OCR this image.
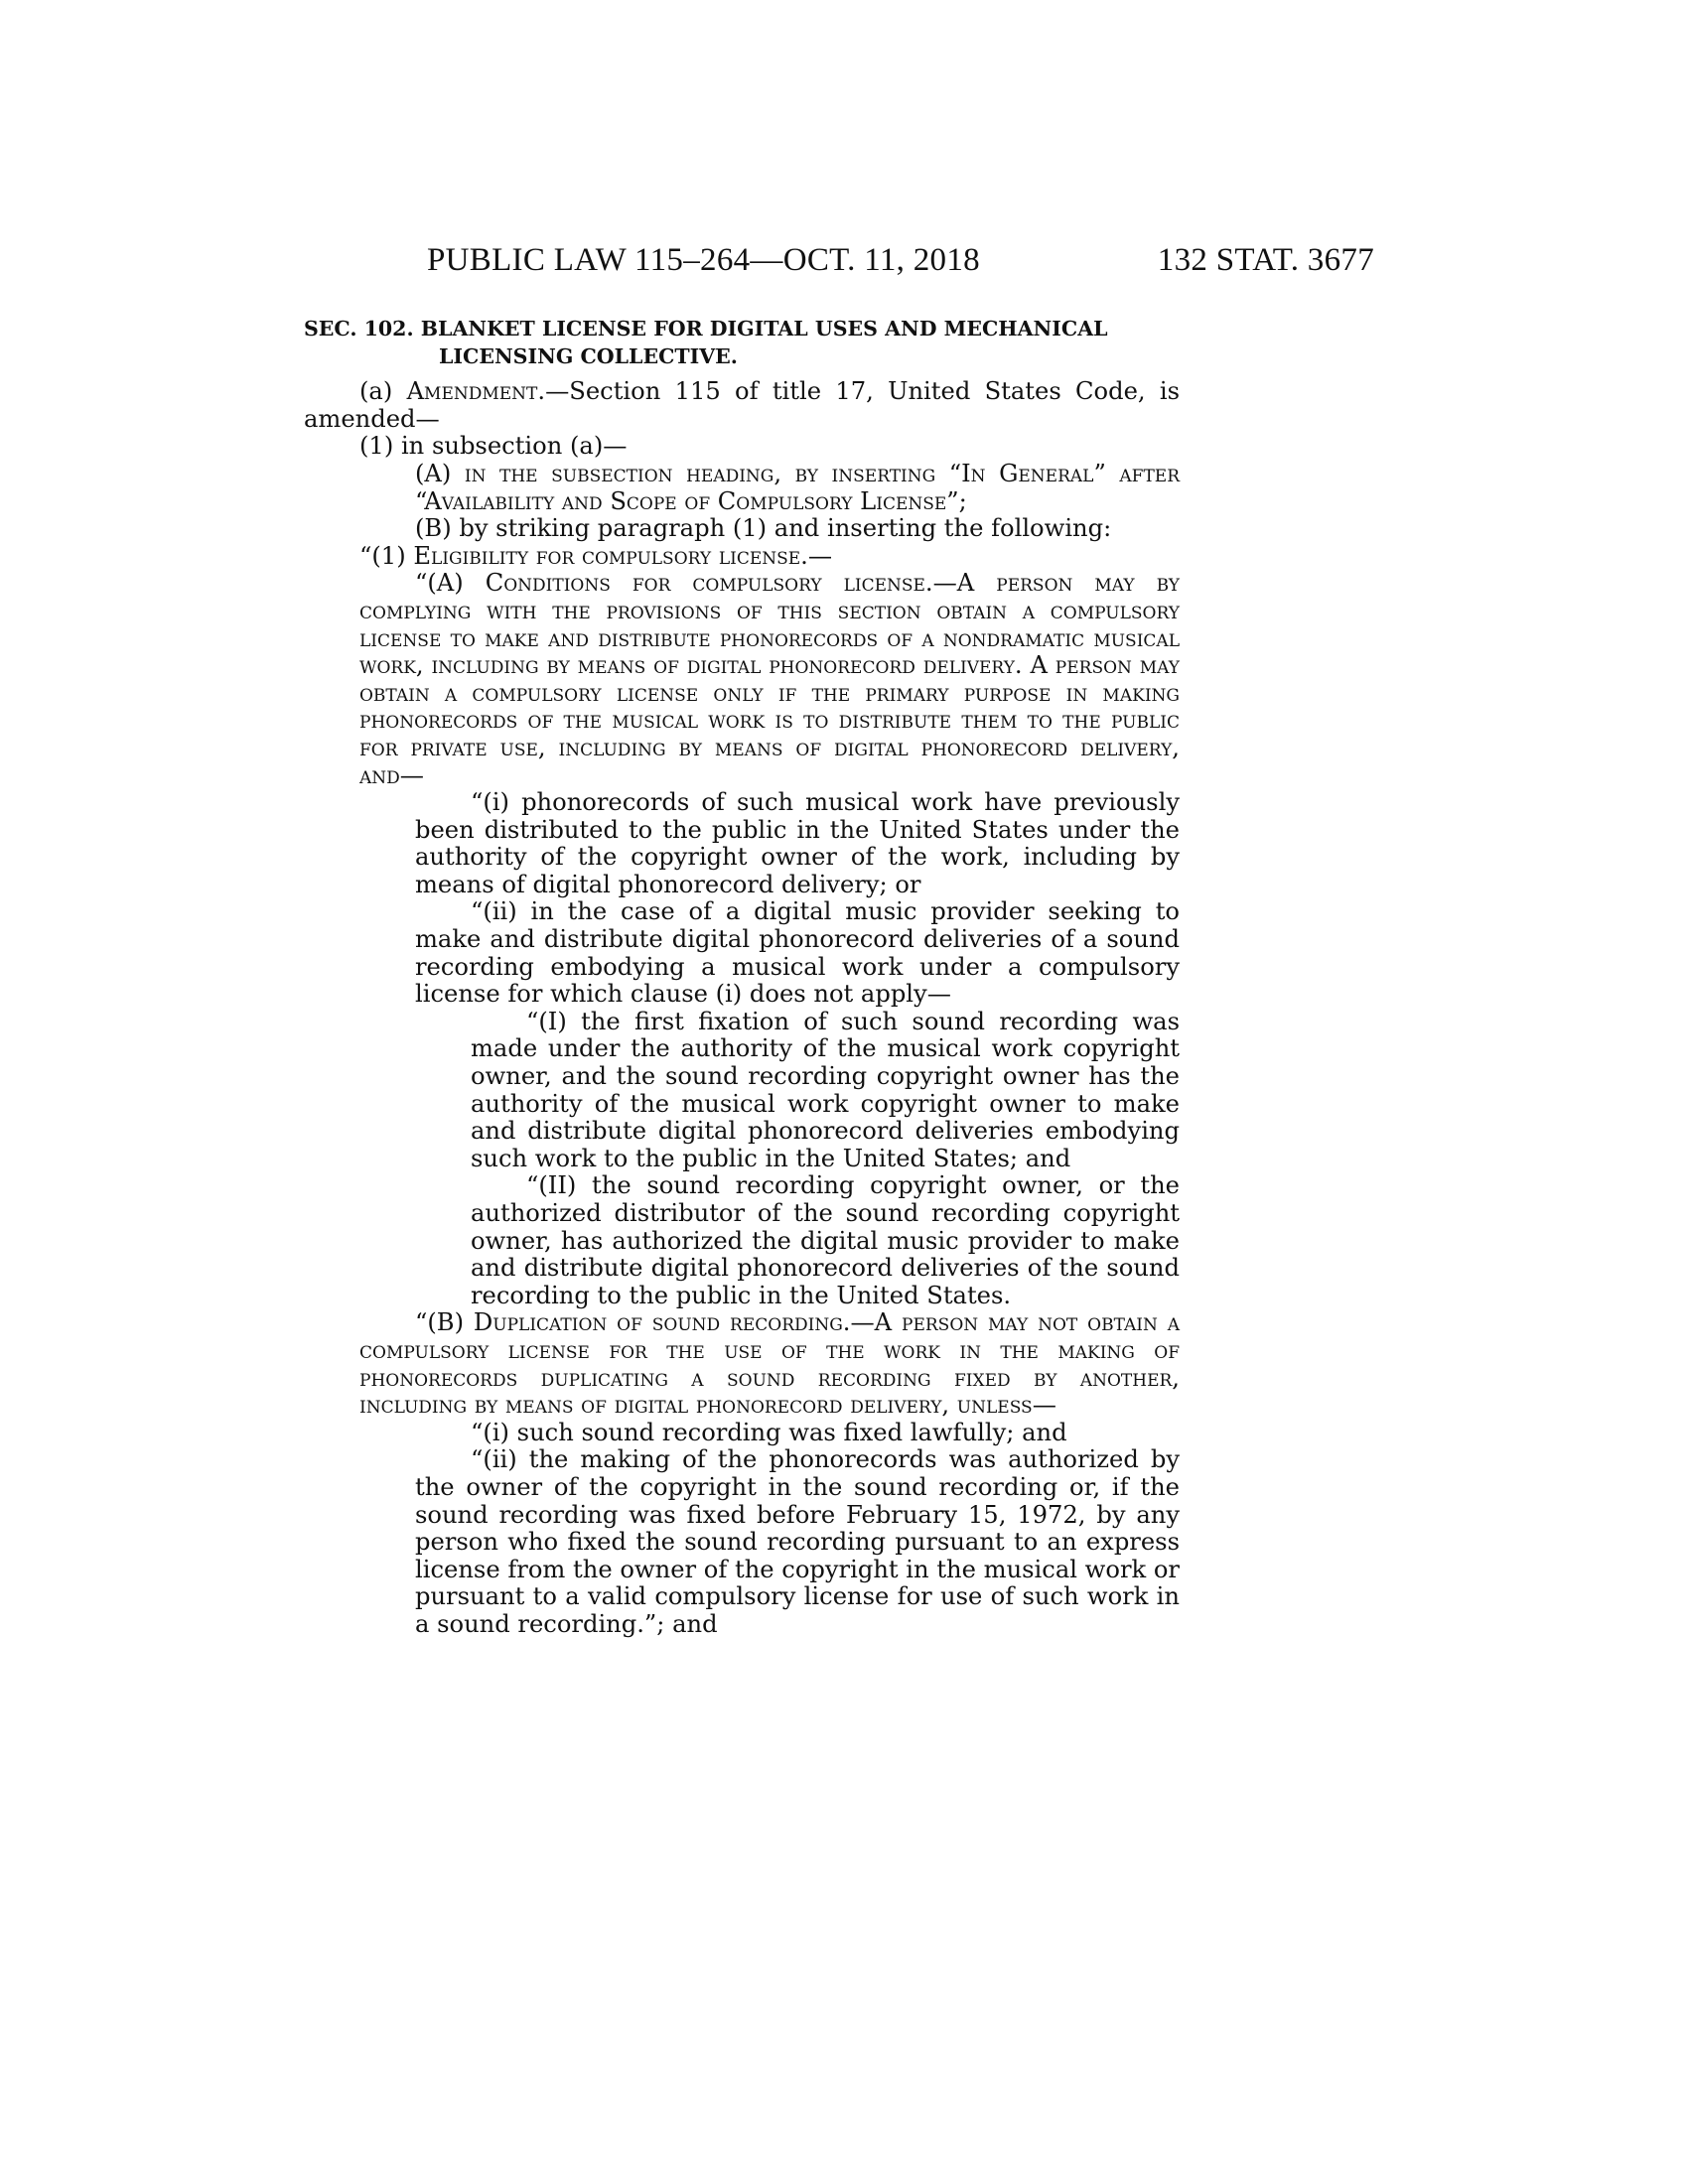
PUBLIC LAW 115–264—OCT. 11, 2018	132 STAT. 3677
SEC. 102. BLANKET LICENSE FOR DIGITAL USES AND MECHANICAL LICENSING COLLECTIVE.

(a) Amendment.—Section 115 of title 17, United States Code, is amended—

(1) in subsection (a)—

(A) in the subsection heading, by inserting “In General” after “Availability and Scope of Compulsory License”;

(B) by striking paragraph (1) and inserting the following:

“(1) Eligibility for compulsory license.—

“(A) Conditions for compulsory license.—A person may by complying with the provisions of this section obtain a compulsory license to make and distribute phonorecords of a nondramatic musical work, including by means of digital phonorecord delivery. A person may obtain a compulsory license only if the primary purpose in making phonorecords of the musical work is to distribute them to the public for private use, including by means of digital phonorecord delivery, and—

“(i) phonorecords of such musical work have previously been distributed to the public in the United States under the authority of the copyright owner of the work, including by means of digital phonorecord delivery; or

“(ii) in the case of a digital music provider seeking to make and distribute digital phonorecord deliveries of a sound recording embodying a musical work under a compulsory license for which clause (i) does not apply—

“(I) the first fixation of such sound recording was made under the authority of the musical work copyright owner, and the sound recording copyright owner has the authority of the musical work copyright owner to make and distribute digital phonorecord deliveries embodying such work to the public in the United States; and

“(II) the sound recording copyright owner, or the authorized distributor of the sound recording copyright owner, has authorized the digital music provider to make and distribute digital phonorecord deliveries of the sound recording to the public in the United States.

“(B) Duplication of sound recording.—A person may not obtain a compulsory license for the use of the work in the making of phonorecords duplicating a sound recording fixed by another, including by means of digital phonorecord delivery, unless—

“(i) such sound recording was fixed lawfully; and

“(ii) the making of the phonorecords was authorized by the owner of the copyright in the sound recording or, if the sound recording was fixed before February 15, 1972, by any person who fixed the sound recording pursuant to an express license from the owner of the copyright in the musical work or pursuant to a valid compulsory license for use of such work in a sound recording.”; and
